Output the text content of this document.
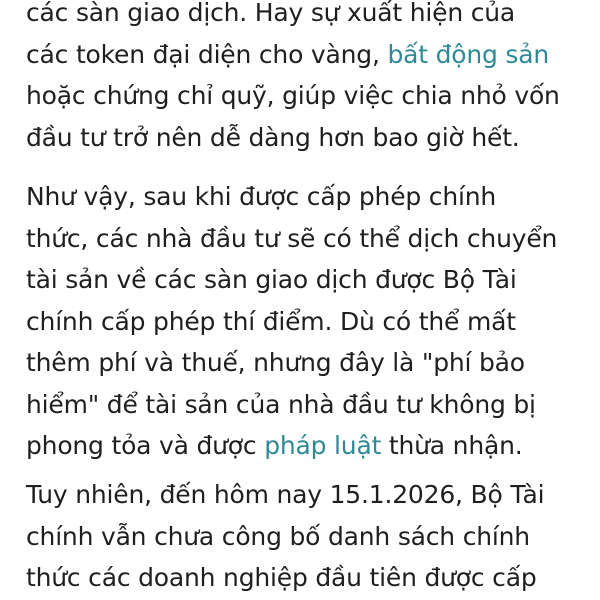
các sàn giao dịch. Hay sự xuất hiện của
các token đại diện cho vàng, bất động sản
hoặc chứng chỉ quỹ, giúp việc chia nhỏ vốn
đầu tư trở nên dễ dàng hơn bao giờ hết.

Như vậy, sau khi được cấp phép chính
thức, các nhà đầu tư sẽ có thể dịch chuyển
tài sản về các sàn giao dịch được Bộ Tài
chính cấp phép thí điểm. Dù có thể mất
thêm phí và thuế, nhưng đây là "phí bảo
hiểm" để tài sản của nhà đầu tư không bị
phong tỏa và được pháp luật thừa nhận.

Tuy nhiên, đến hôm nay 15.1.2026, Bộ Tài
chính vẫn chưa công bố danh sách chính
thức các doanh nghiệp đầu tiên được cấp
